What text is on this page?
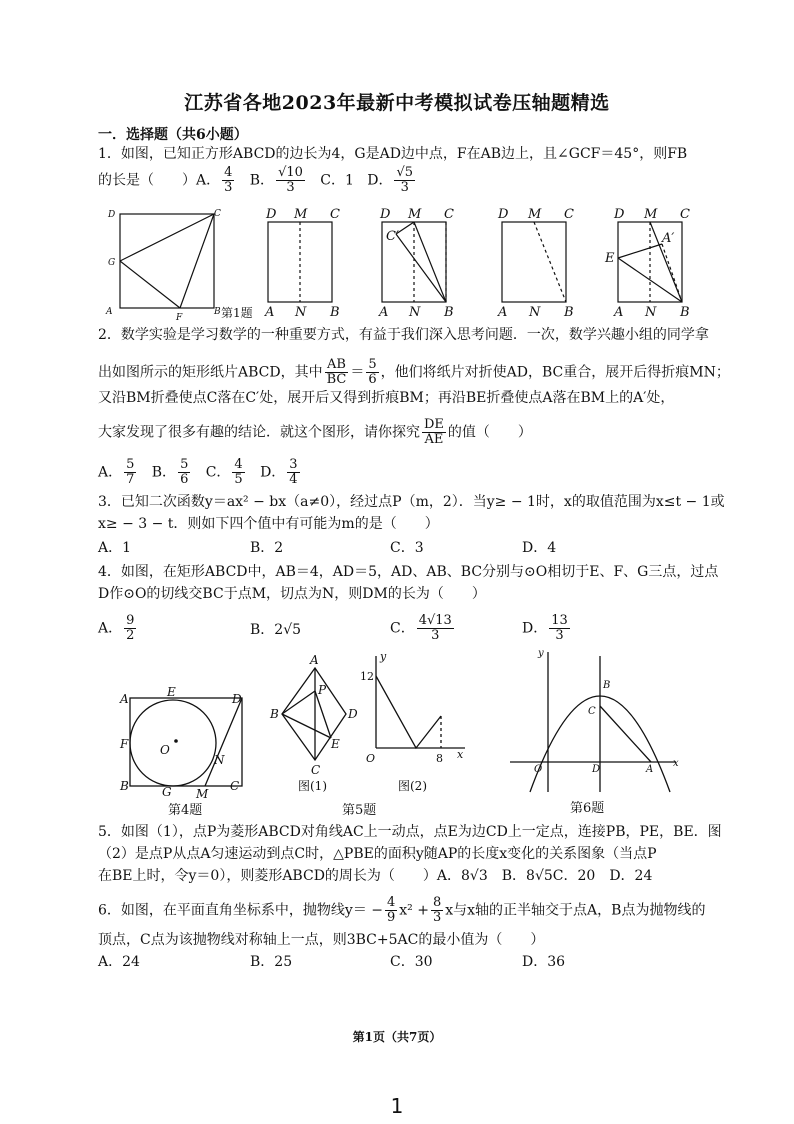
江苏省各地2023年最新中考模拟试卷压轴题精选
一．选择题（共6小题）
1．如图，已知正方形ABCD的边长为4，G是AD边中点，F在AB边上，且∠GCF＝45°，则FB
的长是（　　）A． $\frac{4}{3}$ B． $\frac{√10}{3}$ C．1 D． $\frac{√5}{3}$
D	C
G
A
F
B 第1题
D M C
A N B
D M C
C′
A N B
D M C
A N B
D M C
A′
E
A N B
2．数学实验是学习数学的一种重要方式，有益于我们深入思考问题．一次，数学兴趣小组的同学拿
出如图所示的矩形纸片ABCD，其中 $\frac{AB}{BC} = \frac{5}{6}$ ，他们将纸片对折使AD，BC重合，展开后得折痕MN；
又沿BM折叠使点C落在C′处，展开后又得到折痕BM；再沿BE折叠使点A落在BM上的A′处，
大家发现了很多有趣的结论．就这个图形，请你探究 $\frac{DE}{AE}$ 的值（　　）
A． $\frac{5}{7}$ B． $\frac{5}{6}$ C． $\frac{4}{5}$ D． $\frac{3}{4}$
3．已知二次函数y＝ax² − bx（a≠0），经过点P（m，2）．当y≥ − 1时，x的取值范围为x≤t − 1或
x≥ − 3 − t．则如下四个值中有可能为m的是（　　）
A．1	B．2	C．3	D．4
4．如图，在矩形ABCD中，AB＝4，AD＝5，AD、AB、BC分别与⊙O相切于E、F、G三点，过点
D作⊙O的切线交BC于点M，切点为N，则DM的长为（　　）
A． $\frac{9}{2}$	B．2√5	C． $\frac{4√13}{3}$	D． $\frac{13}{3}$
A	E	D
F	O
N
B	G M
C
第4题
A
B
P
D
E
C
图(1)
12
y
O	8 x
图(2)
第5题
y
x
O	D
B
C
A
第6题
5．如图（1），点P为菱形ABCD对角线AC上一动点，点E为边CD上一定点，连接PB，PE，BE．图
（2）是点P从点A匀速运动到点C时，△PBE的面积y随AP的长度x变化的关系图象（当点P
在BE上时，令y＝0），则菱形ABCD的周长为（　　）A．8√3　B．8√5C．20　D．24
6．如图，在平面直角坐标系中，抛物线$y= - \frac{4}{9} x^2 + \frac{8}{3}$ x与x轴的正半轴交于点A，B点为抛物线的
顶点，C点为该抛物线对称轴上一点，则3BC+5AC的最小值为（　　）
A．24	B．25	C．30	D．36
第1页（共7页）
1
